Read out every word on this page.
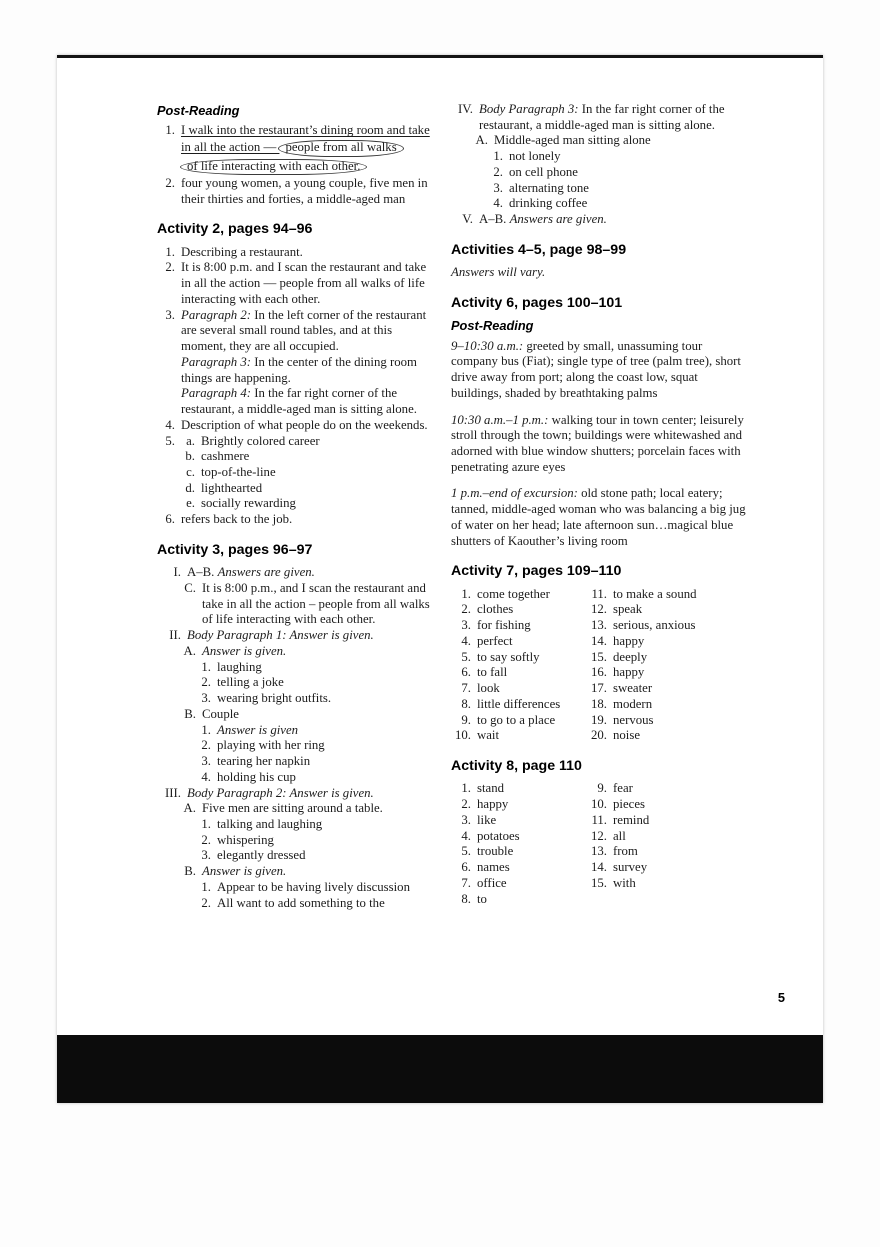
Post-Reading
1. I walk into the restaurant’s dining room and take in all the action — people from all walks of life interacting with each other.
2. four young women, a young couple, five men in their thirties and forties, a middle-aged man
Activity 2, pages 94–96
1. Describing a restaurant.
2. It is 8:00 p.m. and I scan the restaurant and take in all the action — people from all walks of life interacting with each other.
3. Paragraph 2: In the left corner of the restaurant are several small round tables, and at this moment, they are all occupied.
Paragraph 3: In the center of the dining room things are happening.
Paragraph 4: In the far right corner of the restaurant, a middle-aged man is sitting alone.
4. Description of what people do on the weekends.
5. a. Brightly colored career
b. cashmere
c. top-of-the-line
d. lighthearted
e. socially rewarding
6. refers back to the job.
Activity 3, pages 96–97
I. A–B. Answers are given.
C. It is 8:00 p.m., and I scan the restaurant and take in all the action – people from all walks of life interacting with each other.
II. Body Paragraph 1: Answer is given.
A. Answer is given.
1. laughing
2. telling a joke
3. wearing bright outfits.
B. Couple
1. Answer is given
2. playing with her ring
3. tearing her napkin
4. holding his cup
III. Body Paragraph 2: Answer is given.
A. Five men are sitting around a table.
1. talking and laughing
2. whispering
3. elegantly dressed
B. Answer is given.
1. Appear to be having lively discussion
2. All want to add something to the
IV. Body Paragraph 3: In the far right corner of the restaurant, a middle-aged man is sitting alone.
A. Middle-aged man sitting alone
1. not lonely
2. on cell phone
3. alternating tone
4. drinking coffee
V. A–B. Answers are given.
Activities 4–5, page 98–99

Answers will vary.

Activity 6, pages 100–101
Post-Reading
9–10:30 a.m.: greeted by small, unassuming tour company bus (Fiat); single type of tree (palm tree), short drive away from port; along the coast low, squat buildings, shaded by breathtaking palms
10:30 a.m.–1 p.m.: walking tour in town center; leisurely stroll through the town; buildings were whitewashed and adorned with blue window shutters; porcelain faces with penetrating azure eyes
1 p.m.–end of excursion: old stone path; local eatery; tanned, middle-aged woman who was balancing a big jug of water on her head; late afternoon sun…magical blue shutters of Kaouther’s living room
Activity 7, pages 109–110
1. come together
2. clothes
3. for fishing
4. perfect
5. to say softly
6. to fall
7. look
8. little differences
9. to go to a place
10. wait
11. to make a sound
12. speak
13. serious, anxious
14. happy
15. deeply
16. happy
17. sweater
18. modern
19. nervous
20. noise
Activity 8, page 110
1. stand
2. happy
3. like
4. potatoes
5. trouble
6. names
7. office
8. to
9. fear
10. pieces
11. remind
12. all
13. from
14. survey
15. with
5
